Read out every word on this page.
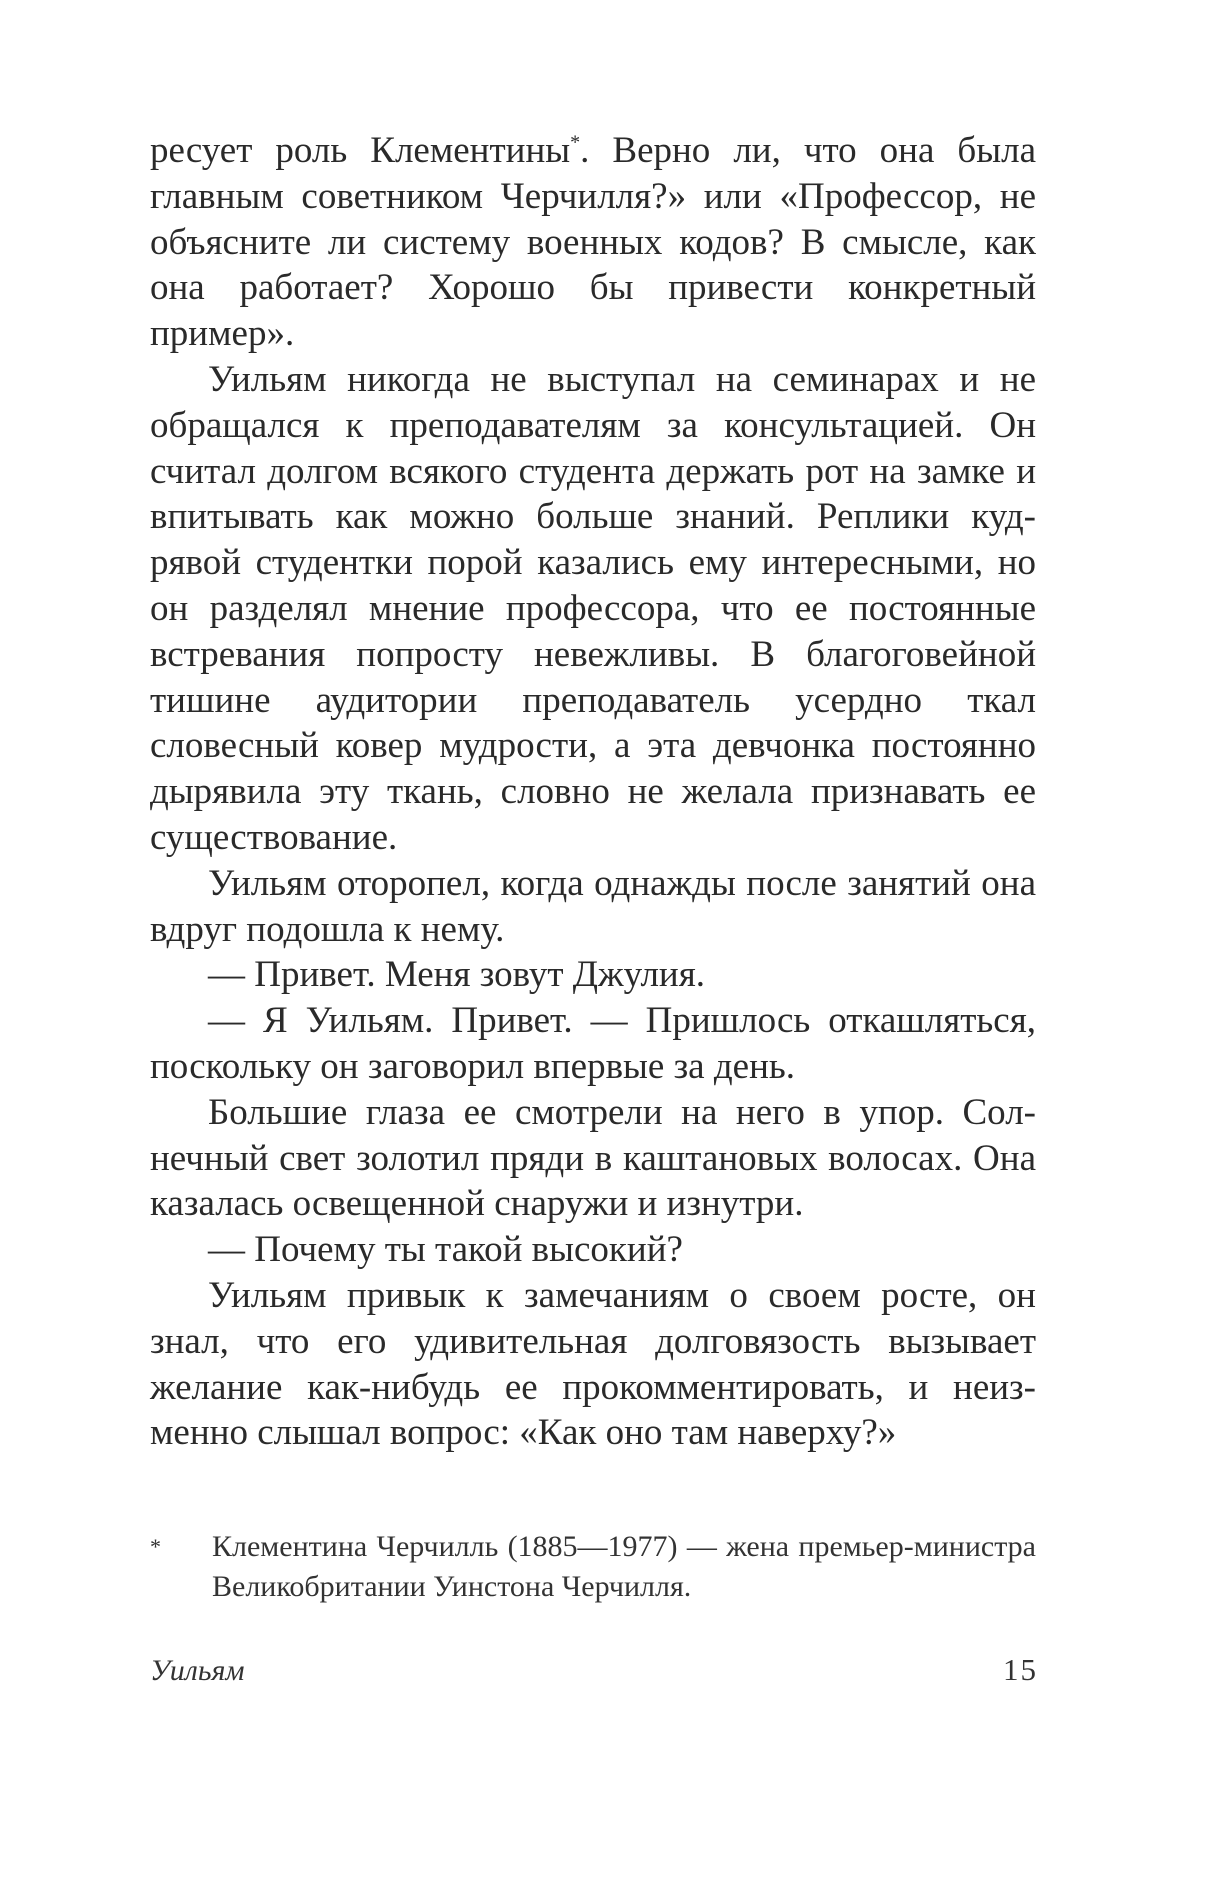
ресует роль Клементины*. Верно ли, что она была главным советником Черчилля?» или «Профессор, не объясните ли систему военных кодов? В смысле, как она работает? Хорошо бы привести конкретный пример».

Уильям никогда не выступал на семинарах и не обращался к преподавателям за консультацией. Он считал долгом всякого студента держать рот на замке и впитывать как можно больше знаний. Реплики кудрявой студентки порой казались ему интересными, но он разделял мнение профессора, что ее постоянные встревания попросту невежливы. В благоговейной тишине аудитории преподаватель усердно ткал словесный ковер мудрости, а эта девчонка постоянно дырявила эту ткань, словно не желала признавать ее существование.

Уильям оторопел, когда однажды после занятий она вдруг подошла к нему.

— Привет. Меня зовут Джулия.

— Я Уильям. Привет. — Пришлось откашляться, поскольку он заговорил впервые за день.

Большие глаза ее смотрели на него в упор. Солнечный свет золотил пряди в каштановых волосах. Она казалась освещенной снаружи и изнутри.

— Почему ты такой высокий?

Уильям привык к замечаниям о своем росте, он знал, что его удивительная долговязость вызывает желание как-нибудь ее прокомментировать, и неизменно слышал вопрос: «Как оно там наверху?»

* Клементина Черчилль (1885—1977) — жена премьер-министра Великобритании Уинстона Черчилля.
Уильям	15
